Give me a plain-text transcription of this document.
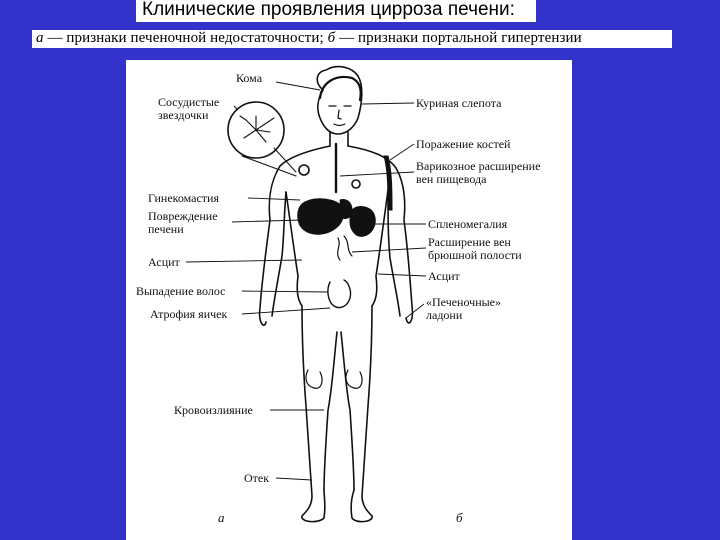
Клинические проявления цирроза печени:

а — признаки печеночной недостаточности; б — признаки портальной гипертензии

Кома
Сосудистые
звездочки
Куриная слепота
Поражение костей
Варикозное расширение
вен пищевода
Гинекомастия
Повреждение
печени	Спленомегалия
Расширение вен
брюшной полости
Асцит
Асцит
Выпадение волос
«Печеночные»
ладони
Атрофия яичек
Кровоизлияние
Отек
а	б
